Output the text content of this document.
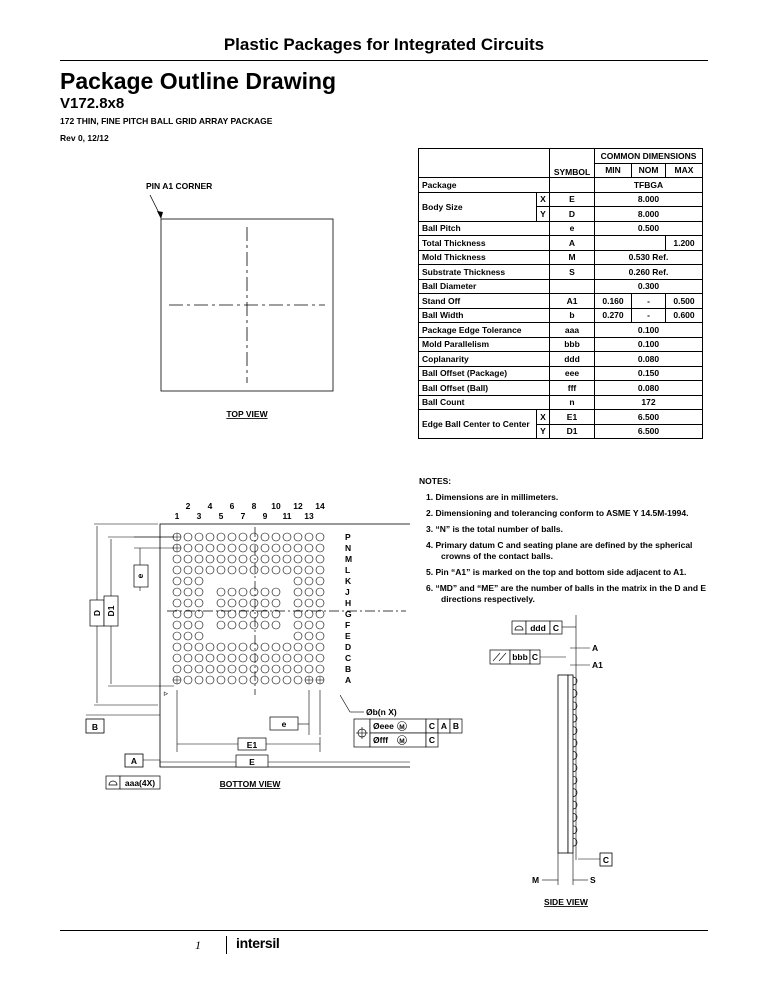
Plastic Packages for Integrated Circuits
Package Outline Drawing
V172.8x8
172 THIN, FINE PITCH BALL GRID ARRAY PACKAGE
Rev 0, 12/12
		SYMBOL	COMMON DIMENSIONS		
			MIN	NOM	MAX
Package			TFBGA		
Body Size	X	E	8.000		
	Y	D	8.000		
Ball Pitch		e	0.500		
Total Thickness		A			1.200
Mold Thickness		M	0.530 Ref.		
Substrate Thickness		S	0.260 Ref.		
Ball Diameter			0.300		
Stand Off		A1	0.160	-	0.500
Ball Width		b	0.270	-	0.600
Package Edge Tolerance		aaa	0.100		
Mold Parallelism		bbb	0.100		
Coplanarity		ddd	0.080		
Ball Offset (Package)		eee	0.150		
Ball Offset (Ball)		fff	0.080		
Ball Count		n	172		
Edge Ball Center to Center	X	E1	6.500		
	Y	D1	6.500		
NOTES:
1. Dimensions are in millimeters.
2. Dimensioning and tolerancing conform to ASME Y 14.5M-1994.
3. “N” is the total number of balls.
4. Primary datum C and seating plane are defined by the spherical crowns of the contact balls.
5. Pin “A1” is marked on the top and bottom side adjacent to A1.
6. “MD” and “ME” are the number of balls in the matrix in the D and E directions respectively.
PIN A1 CORNER
TOP VIEW
2 4 6 8 10 12 14
1 3 5 7 9 11 13
P
N
M
L
K
J
H
G
F
E
D
C
B
A
▷
D D1
e
B	e
E1
E
A
aaa(4X)	BOTTOM VIEW
Øb(n X)
Øeee M	C A B
Øfff M	C
ddd C
bbb C
A
A1
C
M	S
SIDE VIEW
1	intersil
